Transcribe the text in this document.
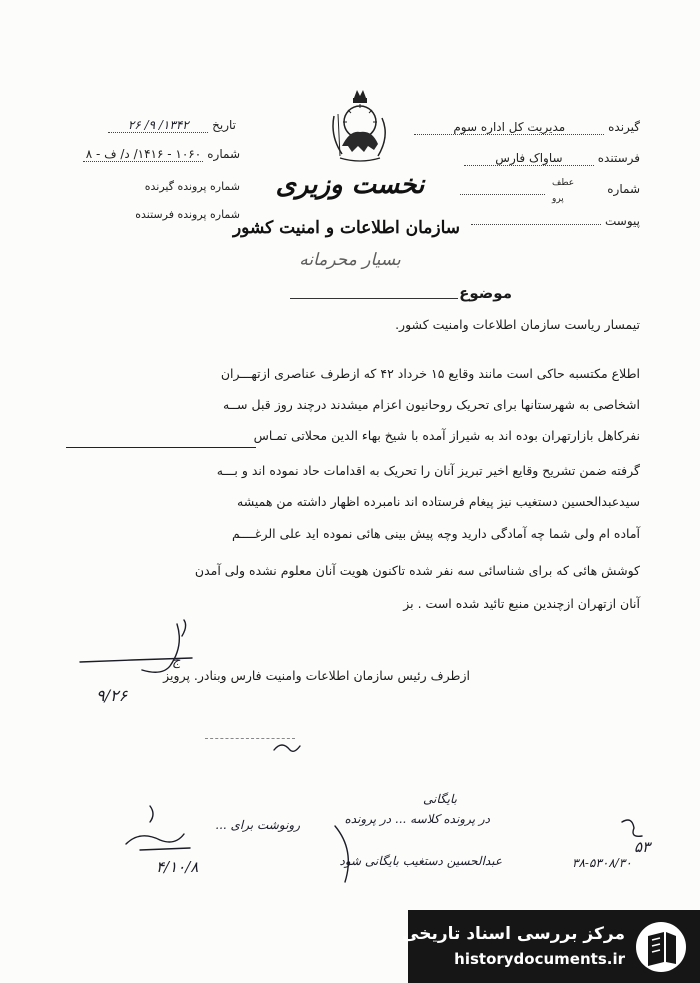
تاریخ ۱۳۴۲/ ۹/ ۲۶
شماره ۱۰۶۰ - ۱۴۱۶/ د/ ف - ۸
شماره پرونده گیرنده
شماره پرونده فرستنده
نخست وزیری
سازمان اطلاعات و امنیت کشور
بسیار محرمانه
گیرنده مدیریت کل اداره سوم
فرستنده ساواک فارس
شماره
عطف
پرو
پیوست
موضوع
تیمسار ریاست سازمان اطلاعات وامنیت کشور.
اطلاع مکتسبه حاکی است مانند وقایع ۱۵ خرداد ۴۲ که ازطرف عناصری ازتهـــران
اشخاصی به شهرستانها برای تحریک روحانیون اعزام میشدند درچند روز قبل ســه
نفرکاهل بازارتهران بوده اند به شیراز آمده با شیخ بهاء الدین محلاتی تمـاس
گرفته ضمن تشریح وقایع اخیر تبریز آنان را تحریک به اقدامات حاد نموده اند و بـــه
سیدعبدالحسین دستغیب نیز پیغام فرستاده اند نامبرده اظهار داشته من همیشه
آماده ام ولی شما چه آمادگی دارید وچه پیش بینی هائی نموده اید علی الرغــــم
کوشش هائی که برای شناسائی سه نفر شده تاکنون هویت آنان معلوم نشده ولی آمدن
آنان ازتهران ازچندین منبع تائید شده است . بز
ج
ازطرف رئیس سازمان اطلاعات وامنیت فارس وبنادر. پرویز
۹/۲۶
بایگانی
در پرونده کلاسه ... در پرونده
عبدالحسین دستغیب بایگانی شود
رونوشت برای ...
۴/۱۰/۸	۳۸-۵۳۰۸/۳۰
۵۳
مرکز بررسی اسناد تاریخی
historydocuments.ir
